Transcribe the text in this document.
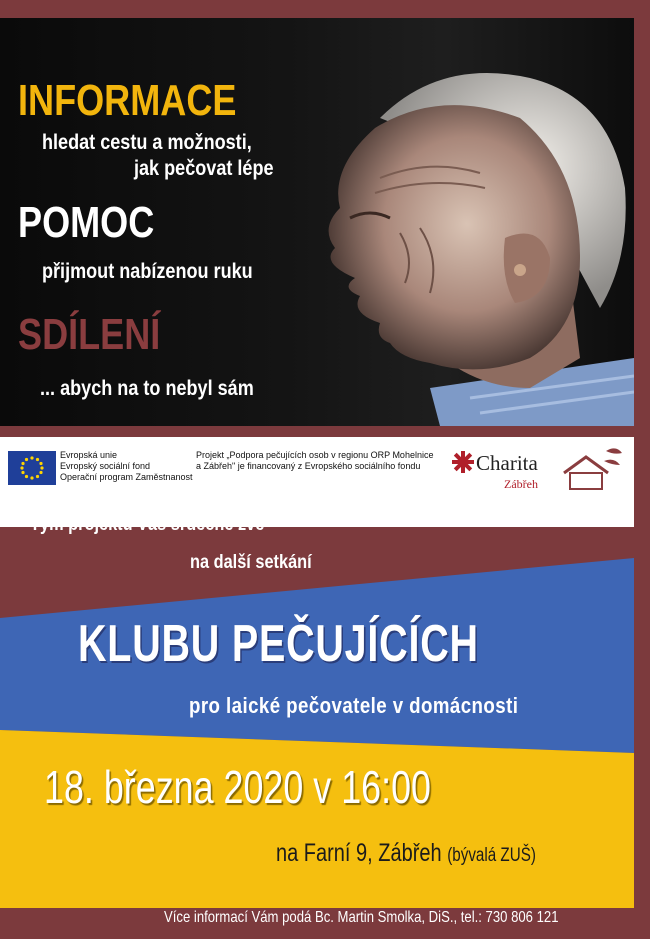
INFORMACE
hledat cestu a možnosti,
jak pečovat lépe
POMOC
přijmout nabízenou ruku
SDÍLENÍ
... abych na to nebyl sám
Evropská unie
Evropský sociální fond
Operační program Zaměstnanost
Projekt „Podpora pečujících osob v regionu ORP Mohelnice
a Zábřeh" je financovaný z Evropského sociálního fondu	Charita
Zábřeh
Tým projektu Vás srdečně zve
na další setkání
KLUBU PEČUJÍCÍCH
pro laické pečovatele v domácnosti
18. března 2020 v 16:00
na Farní 9, Zábřeh (bývalá ZUŠ)
Více informací Vám podá Bc. Martin Smolka, DiS., tel.: 730 806 121
